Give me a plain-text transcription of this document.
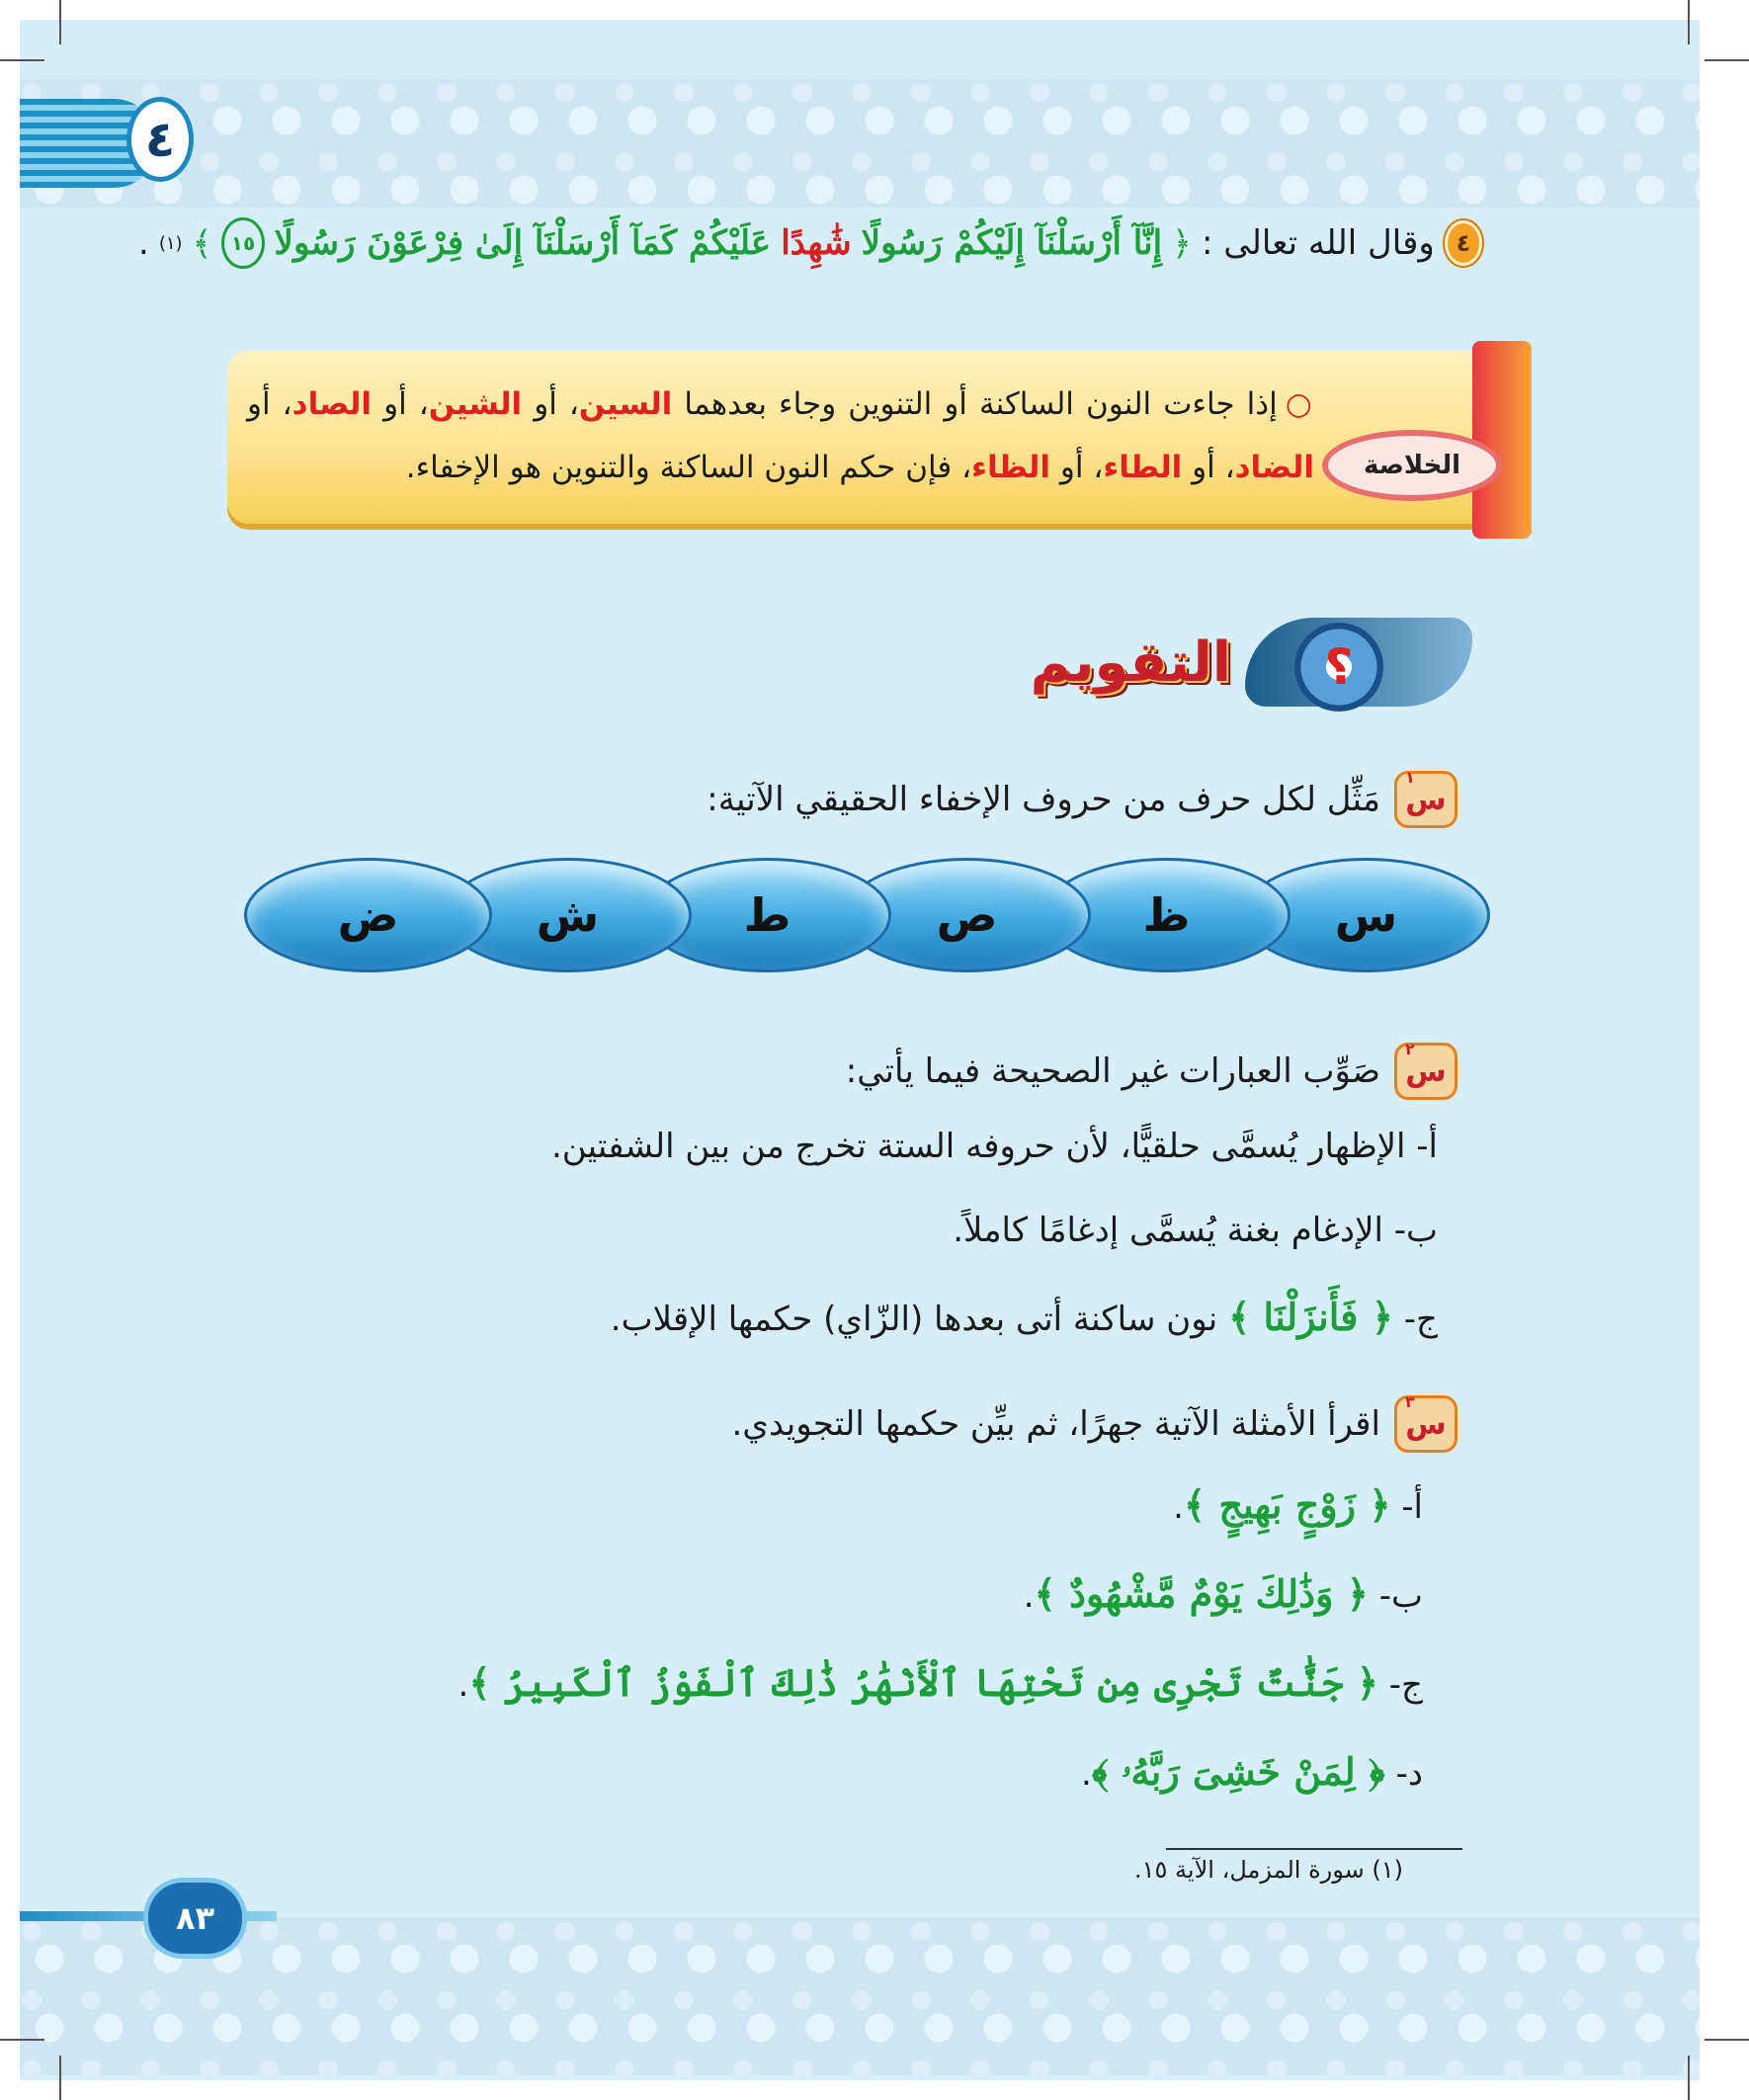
٤
٤
وقال الله تعالى :
﴿
إِنَّآ أَرْسَلْنَآ إِلَيْكُمْ رَسُولًا
شَٰهِدًا
عَلَيْكُمْ كَمَآ أَرْسَلْنَآ إِلَىٰ فِرْعَوْنَ رَسُولًا
١٥
﴾
(١)
.
الخلاصة
○إذا جاءت النون الساكنة أو التنوين وجاء بعدهما السين، أو الشين، أو الصاد، أو الضاد، أو الطاء، أو الظاء، فإن حكم النون الساكنة والتنوين هو الإخفاء.
؟
التقويم
١
س
مَثِّل لكل حرف من حروف الإخفاء الحقيقي الآتية:
س
ظ
ص
ط
ش
ض
٢
س
صَوِّب العبارات غير الصحيحة فيما يأتي:
أ- الإظهار يُسمَّى حلقيًّا، لأن حروفه الستة تخرج من بين الشفتين.
ب- الإدغام بغنة يُسمَّى إدغامًا كاملاً.
ج- ﴿ فَأَنزَلْنَا ﴾ نون ساكنة أتى بعدها (الزّاي) حكمها الإقلاب.
٣
س
اقرأ الأمثلة الآتية جهرًا، ثم بيِّن حكمها التجويدي.
أ- ﴿ زَوْجٍ بَهِيجٍ ﴾.
ب- ﴿ وَذَٰلِكَ يَوْمٌ مَّشْهُودٌ ﴾.
ج- ﴿ جَنَّٰتٌ تَجْرِى مِن تَحْتِهَا ٱلْأَنْهَٰرُ ذَٰلِكَ ٱلْفَوْزُ ٱلْكَبِيرُ ﴾.
د- ﴿ لِمَنْ خَشِىَ رَبَّهُۥ ﴾.
(١) سورة المزمل، الآية ١٥.
٨٣
